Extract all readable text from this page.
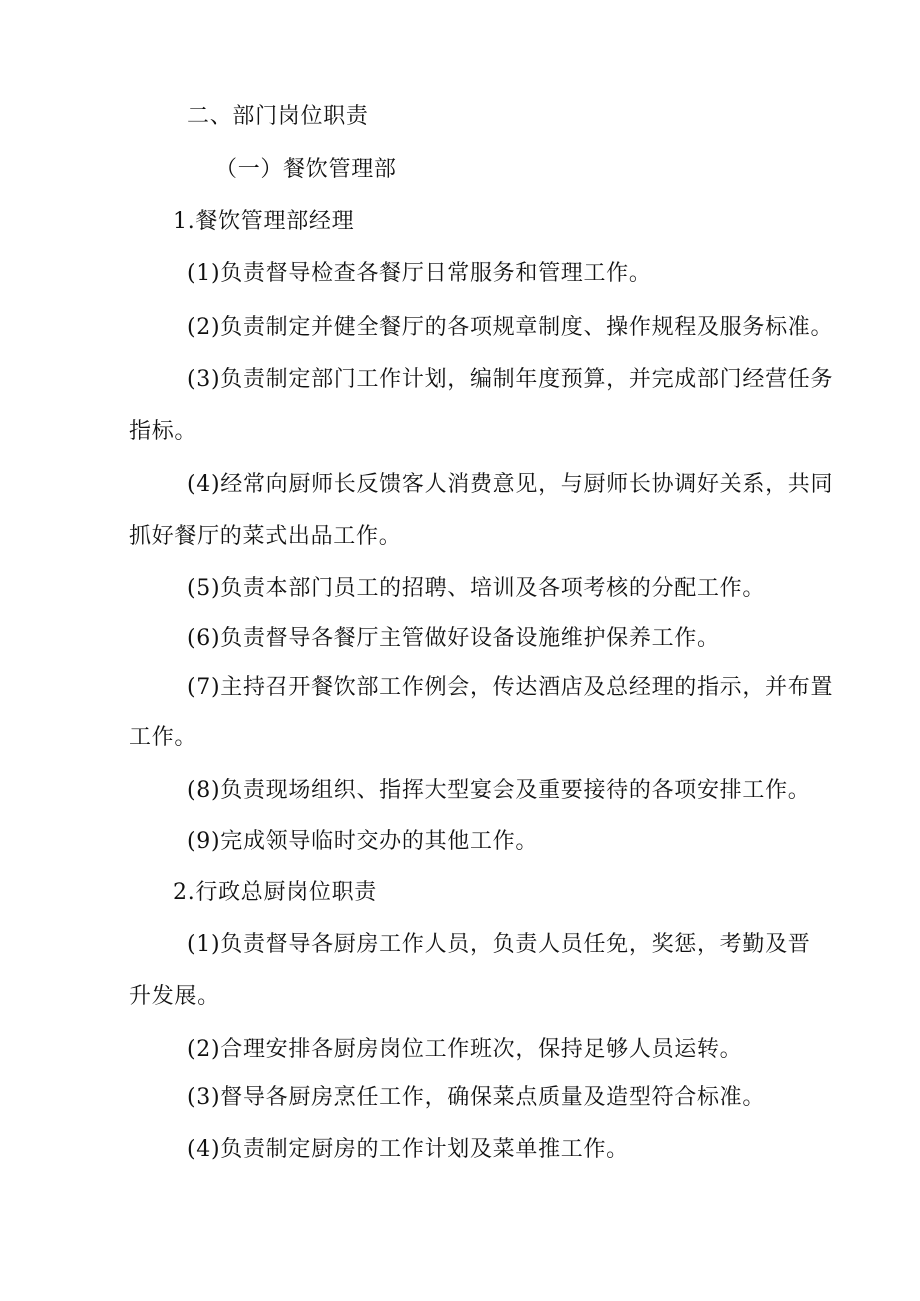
二、部门岗位职责

（一）餐饮管理部

1.餐饮管理部经理

(1)负责督导检查各餐厅日常服务和管理工作。

(2)负责制定并健全餐厅的各项规章制度、操作规程及服务标准。

(3)负责制定部门工作计划，编制年度预算，并完成部门经营任务

指标。

(4)经常向厨师长反馈客人消费意见，与厨师长协调好关系，共同

抓好餐厅的菜式出品工作。

(5)负责本部门员工的招聘、培训及各项考核的分配工作。

(6)负责督导各餐厅主管做好设备设施维护保养工作。

(7)主持召开餐饮部工作例会，传达酒店及总经理的指示，并布置

工作。

(8)负责现场组织、指挥大型宴会及重要接待的各项安排工作。

(9)完成领导临时交办的其他工作。

2.行政总厨岗位职责

(1)负责督导各厨房工作人员，负责人员任免，奖惩，考勤及晋

升发展。

(2)合理安排各厨房岗位工作班次，保持足够人员运转。

(3)督导各厨房烹任工作，确保菜点质量及造型符合标准。

(4)负责制定厨房的工作计划及菜单推工作。
